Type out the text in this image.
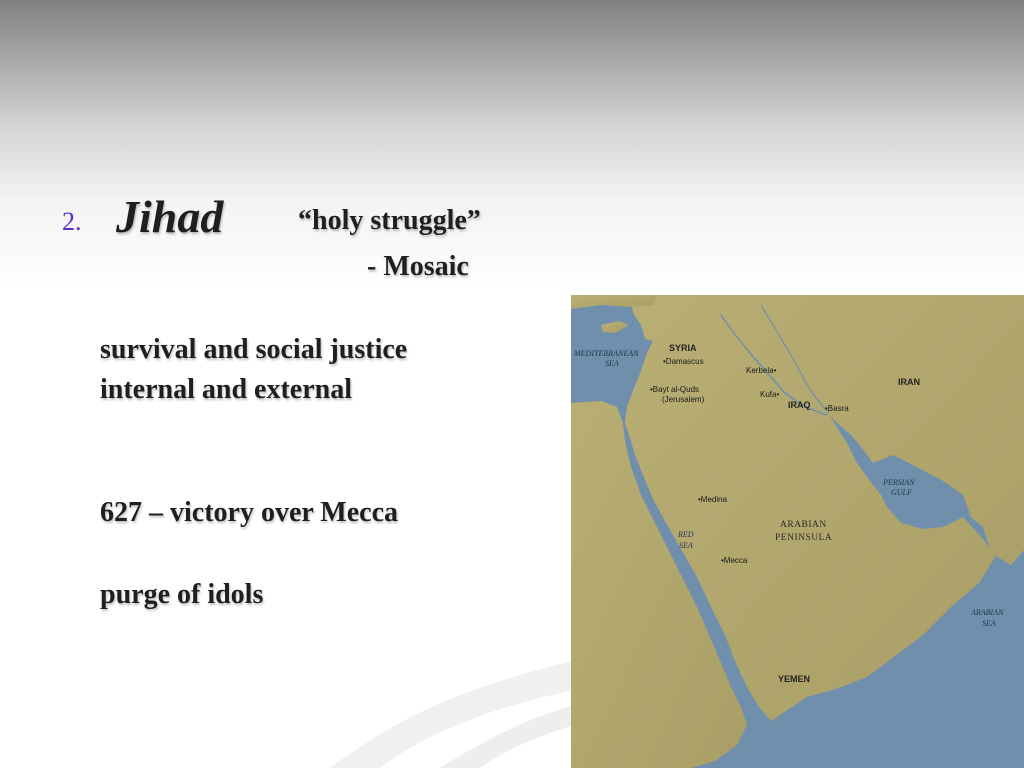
2. Jihad	“holy struggle”
- Mosaic
survival and social justice
internal and external
627 – victory over Mecca
purge of idols
MEDITERRANEAN
SEA
RED
SEA
PERSIAN
GULF
ARABIAN
SEA
SYRIA
IRAQ
IRAN
YEMEN
ARABIAN
PENINSULA
•Damascus
•Bayt al-Quds
(Jerusalem)
Kerbela•
Kufa•
•Basra
•Medina
•Mecca
